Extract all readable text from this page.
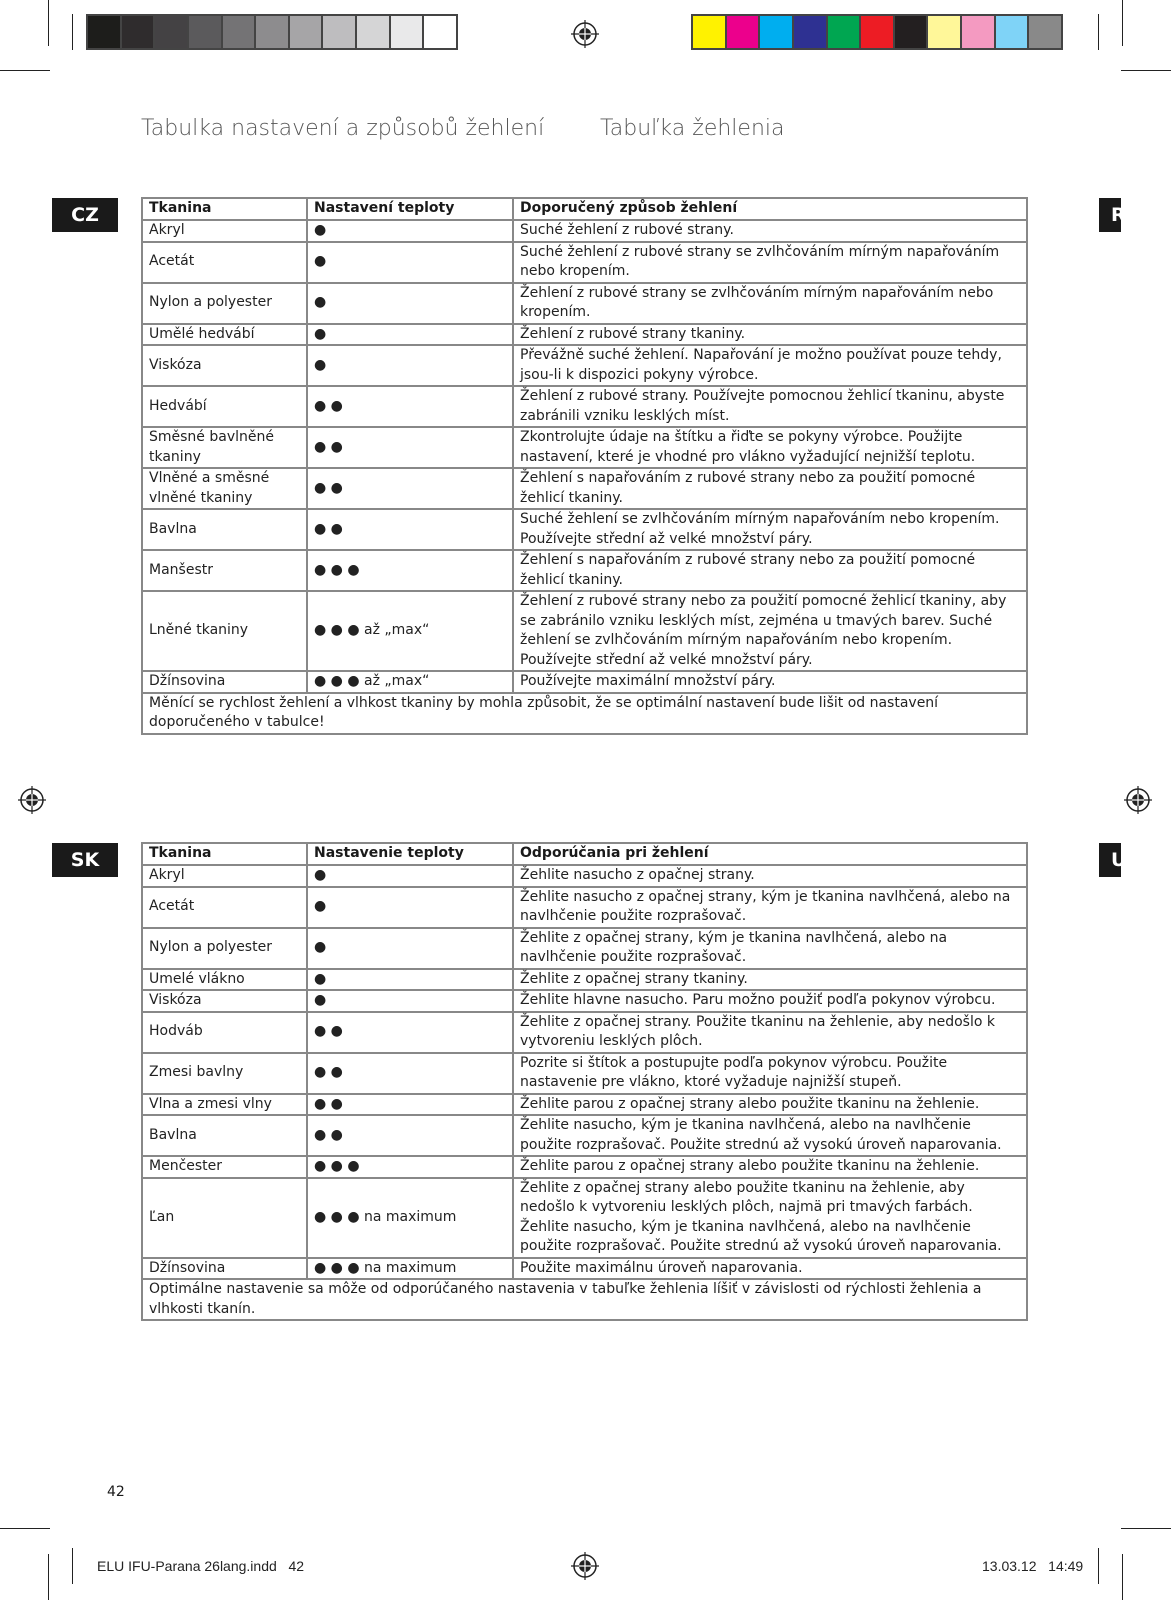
Tabulka nastavení a způsobů žehlení	Tabuľka žehlenia
CZ	R
SK	U
Tkanina	Nastavení teploty	Doporučený způsob žehlení
Akryl	●	Suché žehlení z rubové strany.
Acetát	●	Suché žehlení z rubové strany se zvlhčováním mírným napařováním nebo kropením.
Nylon a polyester	●	Žehlení z rubové strany se zvlhčováním mírným napařováním nebo kropením.
Umělé hedvábí	●	Žehlení z rubové strany tkaniny.
Viskóza	●	Převážně suché žehlení. Napařování je možno používat pouze tehdy, jsou-li k dispozici pokyny výrobce.
Hedvábí	● ●	Žehlení z rubové strany. Používejte pomocnou žehlicí tkaninu, abyste zabránili vzniku lesklých míst.
Směsné bavlněné tkaniny	● ●	Zkontrolujte údaje na štítku a řiďte se pokyny výrobce. Použijte nastavení, které je vhodné pro vlákno vyžadující nejnižší teplotu.
Vlněné a směsné vlněné tkaniny	● ●	Žehlení s napařováním z rubové strany nebo za použití pomocné žehlicí tkaniny.
Bavlna	● ●	Suché žehlení se zvlhčováním mírným napařováním nebo kropením. Používejte střední až velké množství páry.
Manšestr	● ● ●	Žehlení s napařováním z rubové strany nebo za použití pomocné žehlicí tkaniny.
Lněné tkaniny	● ● ● až „max“	Žehlení z rubové strany nebo za použití pomocné žehlicí tkaniny, aby se zabránilo vzniku lesklých míst, zejména u tmavých barev. Suché žehlení se zvlhčováním mírným napařováním nebo kropením. Používejte střední až velké množství páry.
Džínsovina	● ● ● až „max“	Používejte maximální množství páry.
Měnící se rychlost žehlení a vlhkost tkaniny by mohla způsobit, že se optimální nastavení bude lišit od nastavení doporučeného v tabulce!		
Tkanina	Nastavenie teploty	Odporúčania pri žehlení
Akryl	●	Žehlite nasucho z opačnej strany.
Acetát	●	Žehlite nasucho z opačnej strany, kým je tkanina navlhčená, alebo na navlhčenie použite rozprašovač.
Nylon a polyester	●	Žehlite z opačnej strany, kým je tkanina navlhčená, alebo na navlhčenie použite rozprašovač.
Umelé vlákno	●	Žehlite z opačnej strany tkaniny.
Viskóza	●	Žehlite hlavne nasucho. Paru možno použiť podľa pokynov výrobcu.
Hodváb	● ●	Žehlite z opačnej strany. Použite tkaninu na žehlenie, aby nedošlo k vytvoreniu lesklých plôch.
Zmesi bavlny	● ●	Pozrite si štítok a postupujte podľa pokynov výrobcu. Použite nastavenie pre vlákno, ktoré vyžaduje najnižší stupeň.
Vlna a zmesi vlny	● ●	Žehlite parou z opačnej strany alebo použite tkaninu na žehlenie.
Bavlna	● ●	Žehlite nasucho, kým je tkanina navlhčená, alebo na navlhčenie použite rozprašovač. Použite strednú až vysokú úroveň naparovania.
Menčester	● ● ●	Žehlite parou z opačnej strany alebo použite tkaninu na žehlenie.
Ľan	● ● ● na maximum	Žehlite z opačnej strany alebo použite tkaninu na žehlenie, aby nedošlo k vytvoreniu lesklých plôch, najmä pri tmavých farbách. Žehlite nasucho, kým je tkanina navlhčená, alebo na navlhčenie použite rozprašovač. Použite strednú až vysokú úroveň naparovania.
Džínsovina	● ● ● na maximum	Použite maximálnu úroveň naparovania.
Optimálne nastavenie sa môže od odporúčaného nastavenia v tabuľke žehlenia líšiť v závislosti od rýchlosti žehlenia a vlhkosti tkanín.		
42
ELU IFU-Parana 26lang.indd   42	13.03.12   14:49
